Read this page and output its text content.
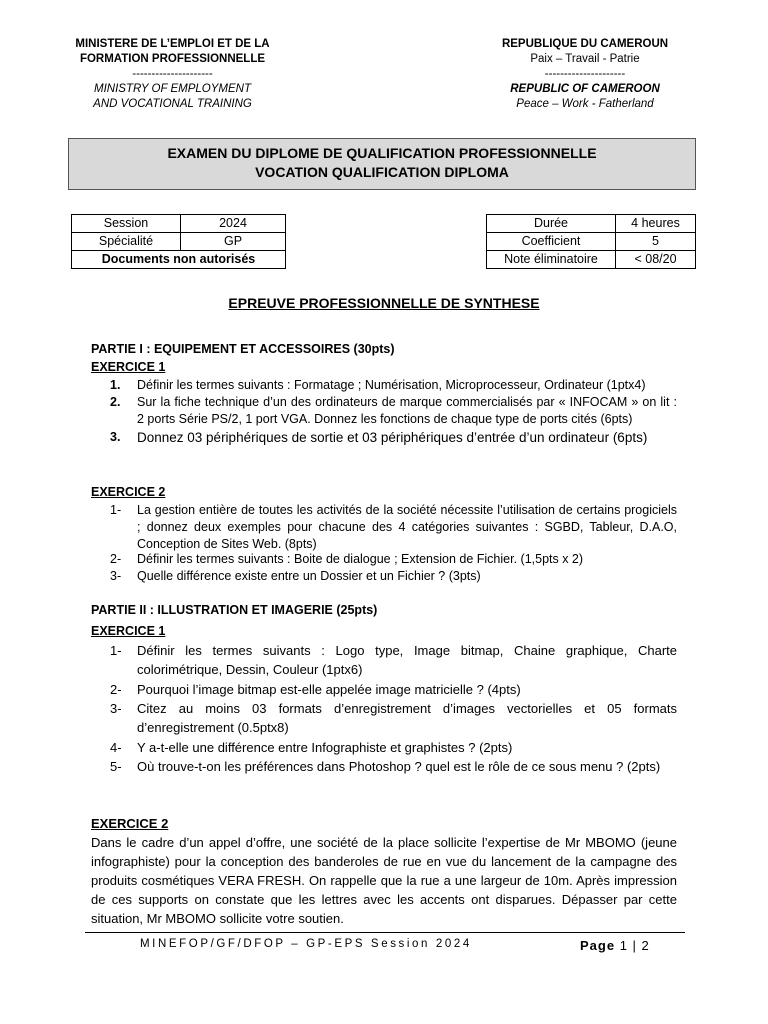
MINISTERE DE L’EMPLOI ET DE LA
FORMATION PROFESSIONNELLE
---------------------
MINISTRY OF EMPLOYMENT
AND VOCATIONAL TRAINING
REPUBLIQUE DU CAMEROUN
Paix – Travail - Patrie
---------------------
REPUBLIC OF CAMEROON
Peace – Work - Fatherland
EXAMEN DU DIPLOME DE QUALIFICATION PROFESSIONNELLE
VOCATION QUALIFICATION DIPLOMA
Session	2024
Spécialité	GP
Documents non autorisés	
Durée	4 heures
Coefficient	5
Note éliminatoire	< 08/20
EPREUVE PROFESSIONNELLE DE SYNTHESE
PARTIE I : EQUIPEMENT ET ACCESSOIRES (30pts)
EXERCICE 1
1. Définir les termes suivants : Formatage ; Numérisation, Microprocesseur, Ordinateur (1ptx4)
2. Sur la fiche technique d’un des ordinateurs de marque commercialisés par « INFOCAM » on lit : 2 ports Série PS/2, 1 port VGA. Donnez les fonctions de chaque type de ports cités (6pts)
3. Donnez 03 périphériques de sortie et 03 périphériques d’entrée d’un ordinateur (6pts)
EXERCICE 2
1- La gestion entière de toutes les activités de la société nécessite l’utilisation de certains progiciels ; donnez deux exemples pour chacune des 4 catégories suivantes : SGBD, Tableur, D.A.O, Conception de Sites Web. (8pts)
2- Définir les termes suivants : Boite de dialogue ; Extension de Fichier. (1,5pts x 2)
3- Quelle différence existe entre un Dossier et un Fichier ? (3pts)
PARTIE II : ILLUSTRATION ET IMAGERIE (25pts)
EXERCICE 1
1- Définir les termes suivants : Logo type, Image bitmap, Chaine graphique, Charte colorimétrique, Dessin, Couleur (1ptx6)
2- Pourquoi l’image bitmap est-elle appelée image matricielle ? (4pts)
3- Citez au moins 03 formats d’enregistrement d’images vectorielles et 05 formats d’enregistrement (0.5ptx8)
4- Y a-t-elle une différence entre Infographiste et graphistes ? (2pts)
5- Où trouve-t-on les préférences dans Photoshop ? quel est le rôle de ce sous menu ? (2pts)
EXERCICE 2
Dans le cadre d’un appel d’offre, une société de la place sollicite l’expertise de Mr MBOMO (jeune infographiste) pour la conception des banderoles de rue en vue du lancement de la campagne des produits cosmétiques VERA FRESH. On rappelle que la rue a une largeur de 10m. Après impression de ces supports on constate que les lettres avec les accents ont disparues. Dépasser par cette situation, Mr MBOMO sollicite votre soutien.
MINEFOP/GF/DFOP – GP-EPS Session 2024	Page 1 | 2
